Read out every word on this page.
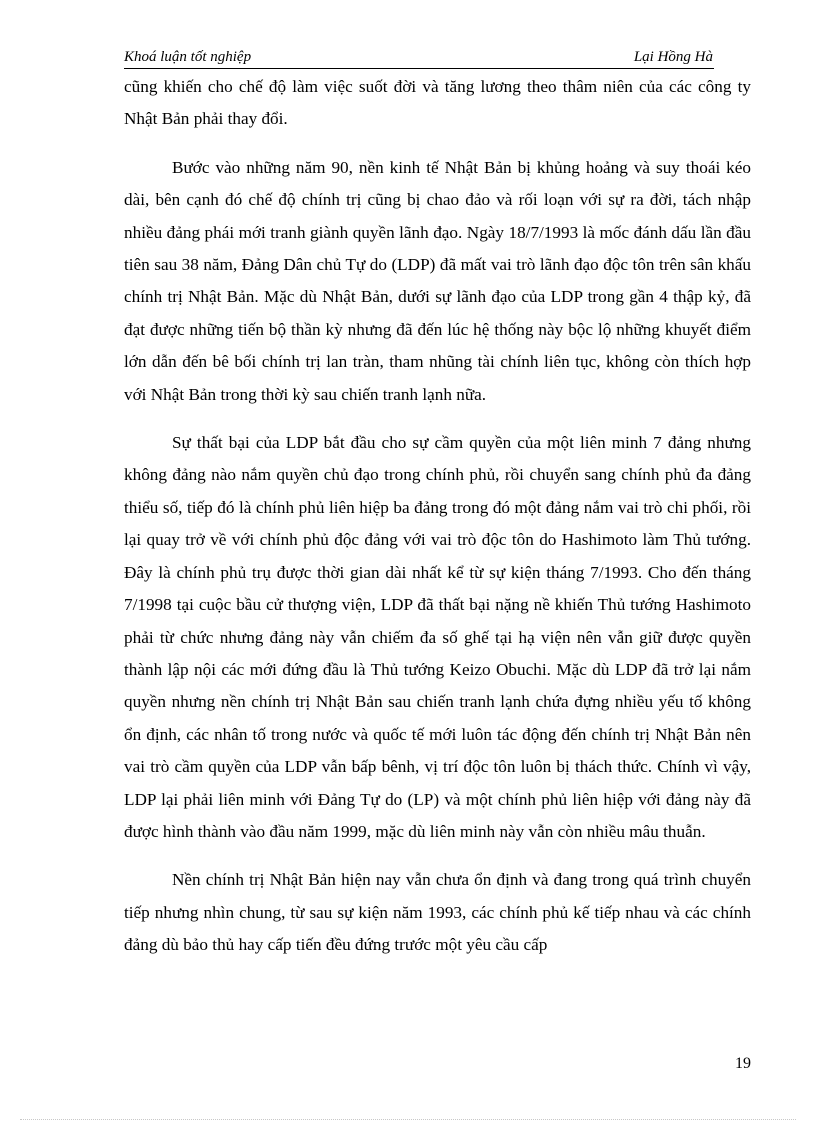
Khoá luận tốt nghiệp	Lại Hồng Hà

cũng khiến cho chế độ làm việc suốt đời và tăng lương theo thâm niên của các công ty Nhật Bản phải thay đổi.

Bước vào những năm 90, nền kinh tế Nhật Bản bị khủng hoảng và suy thoái kéo dài, bên cạnh đó chế độ chính trị cũng bị chao đảo và rối loạn với sự ra đời, tách nhập nhiều đảng phái mới tranh giành quyền lãnh đạo. Ngày 18/7/1993 là mốc đánh dấu lần đầu tiên sau 38 năm, Đảng Dân chủ Tự do (LDP) đã mất vai trò lãnh đạo độc tôn trên sân khấu chính trị Nhật Bản. Mặc dù Nhật Bản, dưới sự lãnh đạo của LDP trong gần 4 thập kỷ, đã đạt được những tiến bộ thần kỳ nhưng đã đến lúc hệ thống này bộc lộ những khuyết điểm lớn dẫn đến bê bối chính trị lan tràn, tham nhũng tài chính liên tục, không còn thích hợp với Nhật Bản trong thời kỳ sau chiến tranh lạnh nữa.

Sự thất bại của LDP bắt đầu cho sự cầm quyền của một liên minh 7 đảng nhưng không đảng nào nắm quyền chủ đạo trong chính phủ, rồi chuyển sang chính phủ đa đảng thiểu số, tiếp đó là chính phủ liên hiệp ba đảng trong đó một đảng nắm vai trò chi phối, rồi lại quay trở về với chính phủ độc đảng với vai trò độc tôn do Hashimoto làm Thủ tướng. Đây là chính phủ trụ được thời gian dài nhất kể từ sự kiện tháng 7/1993. Cho đến tháng 7/1998 tại cuộc bầu cử thượng viện, LDP đã thất bại nặng nề khiến Thủ tướng Hashimoto phải từ chức nhưng đảng này vẫn chiếm đa số ghế tại hạ viện nên vẫn giữ được quyền thành lập nội các mới đứng đầu là Thủ tướng Keizo Obuchi. Mặc dù LDP đã trở lại nắm quyền nhưng nền chính trị Nhật Bản sau chiến tranh lạnh chứa đựng nhiều yếu tố không ổn định, các nhân tố trong nước và quốc tế mới luôn tác động đến chính trị Nhật Bản nên vai trò cầm quyền của LDP vẫn bấp bênh, vị trí độc tôn luôn bị thách thức. Chính vì vậy, LDP lại phải liên minh với Đảng Tự do (LP) và một chính phủ liên hiệp với đảng này đã được hình thành vào đầu năm 1999, mặc dù liên minh này vẫn còn nhiều mâu thuẫn.

Nền chính trị Nhật Bản hiện nay vẫn chưa ổn định và đang trong quá trình chuyển tiếp nhưng nhìn chung, từ sau sự kiện năm 1993, các chính phủ kế tiếp nhau và các chính đảng dù bảo thủ hay cấp tiến đều đứng trước một yêu cầu cấp

19
